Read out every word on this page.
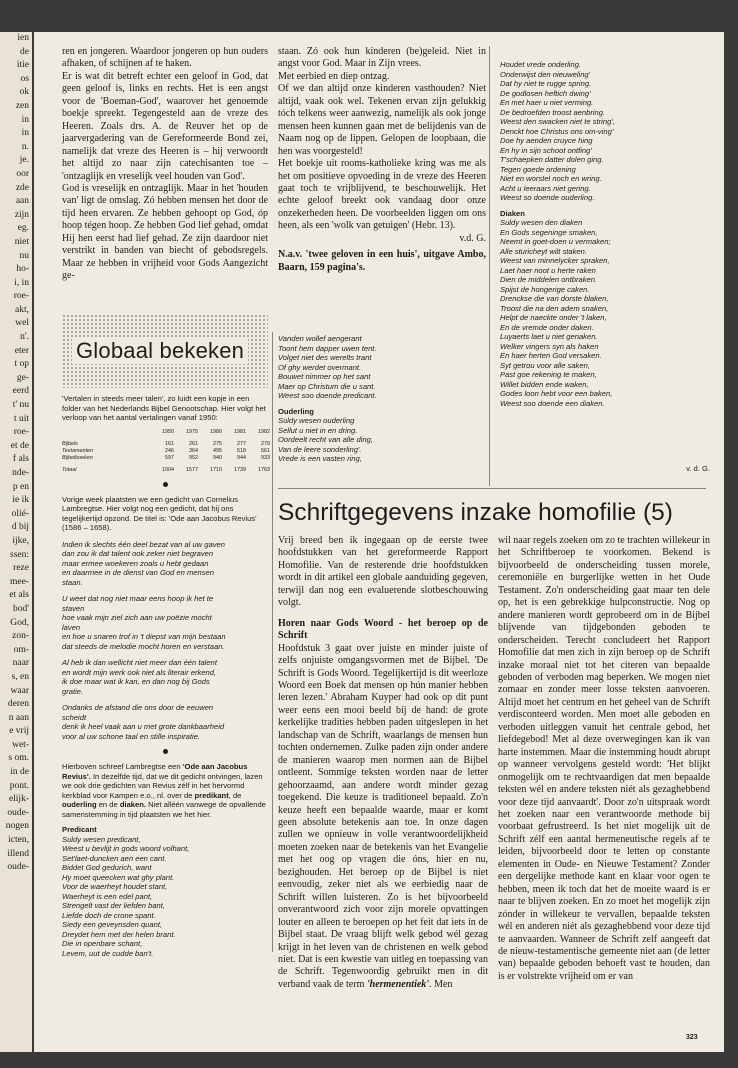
ien
de
itie
os
ok
zen
in
in
n.
je.
oor
zde
aan
zijn
eg.
niet
nu
ho-
i, in
roe-
akt,
wel
n'.
eter
t op
ge-
eerd
t' nu
t uit
roe-
et de
f als
nde-
p en
ie ik
olié-
d bij
ijke,
ssen:
reze
mee-
et als
bod'
God,
zon-
om-
naar
s, en
waar
deren
n aan
e vrij
wet-
s om.
in de
pont.
elijk-
oude-
nogen
icten,
illend
oude-

ren en jongeren. Waardoor jongeren op hun ouders afhaken, of schijnen af te haken.

Er is wat dit betreft echter een geloof in God, dat geen geloof is, links en rechts. Het is een angst voor de 'Boeman-God', waarover het genoemde boekje spreekt. Tegengesteld aan de vreze des Heeren. Zoals drs. A. de Reuver het op de jaarvergadering van de Gereformeerde Bond zei, namelijk dat vreze des Heeren is – hij verwoordt het altijd zo naar zijn catechisanten toe – 'ontzaglijk en vreselijk veel houden van God'.

God is vreselijk en ontzaglijk. Maar in het 'houden van' ligt de omslag. Zó hebben mensen het door de tijd heen ervaren. Ze hebben gehoopt op God, óp hoop tégen hoop. Ze hebben God lief gehad, omdat Hij hen eerst had lief gehad. Ze zijn daardoor niet verstrikt in banden van biecht of gebodsregels. Maar ze hebben in vrijheid voor Gods Aangezicht ge-

staan. Zó ook hun kinderen (be)geleid. Niet in angst voor God. Maar in Zijn vrees.

Met eerbied en diep ontzag.

Of we dan altijd onze kinderen vasthouden? Niet altijd, vaak ook wel. Tekenen ervan zijn gelukkig tóch telkens weer aanwezig, namelijk als ook jonge mensen heen kunnen gaan met de belijdenis van de Naam nog op de lippen. Gelopen de loopbaan, die hen was voorgesteld!

Het boekje uit rooms-katholieke kring was me als het om positieve opvoeding in de vreze des Heeren gaat toch te vrijblijvend, te beschouwelijk. Het echte geloof breekt ook vandaag door onze onzekerheden heen. De voorbeelden liggen om ons heen, als een 'wolk van getuigen' (Hebr. 13).

v.d. G.

N.a.v. 'twee geloven in een huis', uitgave Ambo, Baarn, 159 pagina's.

Globaal bekeken

'Vertalen in steeds meer talen', zo luidt een kopje in een folder van het Nederlands Bijbel Genootschap. Hier volgt het verloop van het aantal vertalingen vanaf 1950:

	1950	1975	1980	1981	1982

Bijbels	161	261	275	277	279
Testamenten	246	364	495	518	561
Bijbelboeken	597	952	940	944	933

Totaal	1004	1577	1710	1739	1763

Vorige week plaatsten we een gedicht van Cornelius Lambregtse. Hier volgt nog een gedicht, dat hij ons tegelijkertijd opzond. De titel is: 'Ode aan Jacobus Revius' (1586 – 1658).

Indien ik slechts één deel bezat van al uw gaven
dan zou ik dat talent ook zeker niet begraven
maar ermee woekeren zoals u hebt gedaan
en daarmee in de dienst van God en mensen
staan.
U weet dat nog niet maar eens hoop ik het te
staven
hoe vaak mijn ziel zich aan uw poëzie mocht
laven
en hoe u snaren trof in 't diepst van mijn bestaan
dat steeds de melodie mocht horen en verstaan.
Al heb ik dan wellicht niet meer dan één talent
en wordt mijn werk ook niet als literair erkend,
ik doe maar wat ik kan, en dan nog bij Gods
gratie.
Ondanks de afstand die ons door de eeuwen
scheidt
denk ik heel vaak aan u met grote dankbaarheid
voor al uw schone taal en stille inspiratie.

Hierboven schreef Lambregtse een 'Ode aan Jacobus Revius'. In dezelfde tijd, dat we dit gedicht ontvingen, lazen we ook drie gedichten van Revius zélf in het hervormd kerkblad voor Kampen e.o., nl. over de predikant, de ouderling en de diaken. Niet alléén vanwege de opvallende samenstemming in tijd plaatsten we het hier.

Predicant

Suldy wesen predicant,
Weest u bevlijt in gods woord volhant,
Set'laet-duncken aen een cant.
Biddet God gedurich, want
Hy moet queecken wat ghy plant.
Voor de waerheyt houdet stant,
Waerheyt is een edel pant,
Strengelt vast der liefden bant,
Liefde doch de crone spant.
Siedy een geveynsden quant,
Dreydet hem met der helen brant.
Die in openbare schant,
Levem, uut de cudde ban't.
Vanden wollef aengerant
Toont hem dapper uwen tent.
Volget niet des werelts trant
Of ghy werdet overmant.
Bouwet nimmer op het sant
Maer op Christum die u sant.
Weest soo doende predicant.

Ouderling

Suldy wesen ouderling
Sellut u niet in en dring.
Oordeelt recht van alle ding,
Van de leere sonderling'.
Vrede is een vasten ring,
Houdet vrede onderling.
Onderwijst den nieuweling'
Dat hy niet te rugge spring.
De godlosen heftich dwing'
En met haer u niet verming.
De bedroefden troost aenbring.
Weest den swacken niet te string',
Denckt hoe Christus ons om-ving'
Doe hy aenden cruyce hing
En hy in sijn schoot ontfing'
T'schaepken datter dolen ging.
Tegen goede ordening
Niet en worstel noch en wring.
Acht u leeraars niet gering.
Weest so doende ouderling.

Diaken

Suldy wesen den diaken
En Gods segeninge smaken,
Neemt in goet-doen u vermaken;
Alle sturicheyt wilt staken.
Weest van minnelycker spraken,
Laet haer noot u herte raken
Dien de middelen ontbraken.
Spijst de hongerige caken.
Drenckse die van dorste blaken,
Troost die na den adem snaken,
Helpt de naeckte onder 't laken,
En de vremde onder daken.
Luyaerts laet u niet genaken.
Welker vingers syn als haken
En haer herten God versaken.
Syt getrou voor alle saken,
Past goe rekening te maken,
Willet bidden ende waken,
Godes loon hebt voor een baken,
Weest soo doende een diaken.
v. d. G.
Schriftgegevens inzake homofilie (5)

Vrij breed ben ik ingegaan op de eerste twee hoofdstukken van het gereformeerde Rapport Homofilie. Van de resterende drie hoofdstukken wordt in dit artikel een globale aanduiding gegeven, terwijl dan nog een evaluerende slotbeschouwing volgt.

Horen naar Gods Woord - het beroep op de Schrift

Hoofdstuk 3 gaat over juiste en minder juiste of zelfs onjuiste omgangsvormen met de Bijbel. 'De Schrift is Gods Woord. Tegelijkertijd is dit weerloze Woord een Boek dat mensen op hún manier hebben leren lezen.' Abraham Kuyper had ook op dit punt weer eens een mooi beeld bij de hand: de grote kerkelijke tradities hebben paden uitgeslepen in het landschap van de Schrift, waarlangs de mensen hun tochten ondernemen. Zulke paden zijn onder andere de manieren waarop men normen aan de Bijbel ontleent. Sommige teksten worden naar de letter gehoorzaamd, aan andere wordt minder gezag toegekend. Die keuze is traditioneel bepaald. Zo'n keuze heeft een bepaalde waarde, maar er komt geen absolute betekenis aan toe. In onze dagen zullen we opnieuw in volle verantwoordelijkheid moeten zoeken naar de betekenis van het Evangelie met het oog op vragen die óns, hier en nu, bezighouden. Het beroep op de Bijbel is niet eenvoudig, zeker niet als we eerbiedig naar de Schrift willen luisteren. Zo is het bijvoorbeeld onverantwoord zich voor zijn morele opvattingen louter en alleen te beroepen op het feit dat iets in de Bijbel staat. De vraag blijft welk gebod wél gezag krijgt in het leven van de christenen en welk gebod niet. Dat is een kwestie van uitleg en toepassing van de Schrift. Tegenwoordig gebruikt men in dit verband vaak de term 'hermenentiek'. Men

wil naar regels zoeken om zo te trachten willekeur in het Schriftberoep te voorkomen. Bekend is bijvoorbeeld de onderscheiding tussen morele, ceremoniële en burgerlijke wetten in het Oude Testament. Zo'n onderscheiding gaat maar ten dele op, het is een gebrekkige hulpconstructie. Nog op andere manieren wordt geprobeerd om in de Bijbel blijvende van tijdgebonden geboden te onderscheiden. Terecht concludeert het Rapport Homofilie dat men zich in zijn beroep op de Schrift inzake moraal niet tot het citeren van bepaalde geboden of verboden mag beperken. We mogen niet zomaar en zonder meer losse teksten aanvoeren. Altijd moet het centrum en het geheel van de Schrift verdisconteerd worden. Men moet alle geboden en verboden uitleggen vanuit het centrale gebod, het liefdegebod! Met al deze overwegingen kan ik van harte instemmen. Maar die instemming houdt abrupt op wanneer vervolgens gesteld wordt: 'Het blijkt onmogelijk om te rechtvaardigen dat men bepaalde teksten wél en andere teksten niét als gezaghebbend voor deze tijd aanvaardt'. Door zo'n uitspraak wordt het zoeken naar een verantwoorde methode bij voorbaat gefrustreerd. Is het niet mogelijk uit de Schrift zélf een aantal hermeneutische regels af te leiden, bijvoorbeeld door te letten op constante elementen in Oude- en Nieuwe Testament? Zonder een dergelijke methode kant en klaar voor ogen te hebben, meen ik toch dat het de moeite waard is er naar te blijven zoeken. En zo moet het mogelijk zijn zónder in willekeur te vervallen, bepaalde teksten wél en anderen niét als gezaghebbend voor deze tijd te aanvaarden. Wanneer de Schrift zelf aangeeft dat de nieuw-testamentische gemeente niet aan (de letter van) bepaalde geboden behoeft vast te houden, dan is er volstrekte vrijheid om er van

323
